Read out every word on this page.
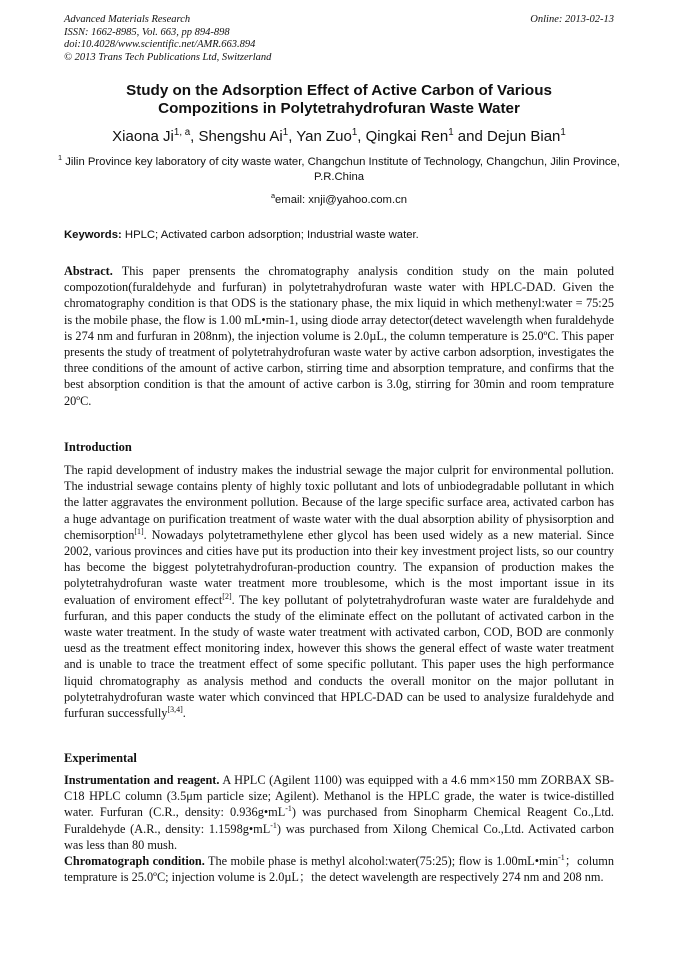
Advanced Materials Research
ISSN: 1662-8985, Vol. 663, pp 894-898
doi:10.4028/www.scientific.net/AMR.663.894
© 2013 Trans Tech Publications Ltd, Switzerland
Online: 2013-02-13
Study on the Adsorption Effect of Active Carbon of Various
Compozitions in Polytetrahydrofuran Waste Water
Xiaona Ji$^{1, a}$, Shengshu Ai$^1$, Yan Zuo$^1$, Qingkai Ren$^1$ and Dejun Bian$^1$
$^1$ Jilin Province key laboratory of city waste water, Changchun Institute of Technology, Changchun, Jilin Province, P.R.China
$^a$email: xnji@yahoo.com.cn
Keywords: HPLC; Activated carbon adsorption; Industrial waste water.
Abstract. This paper prensents the chromatography analysis condition study on the main poluted compozotion(furaldehyde and furfuran) in polytetrahydrofuran waste water with HPLC-DAD. Given the chromatography condition is that ODS is the stationary phase, the mix liquid in which methenyl:water = 75:25 is the mobile phase, the flow is 1.00 mL•min-1, using diode array detector(detect wavelength when furaldehyde is 274 nm and furfuran in 208nm), the injection volume is 2.0µL, the column temperature is 25.0ºC. This paper presents the study of treatment of polytetrahydrofuran waste water by active carbon adsorption, investigates the three conditions of the amount of active carbon, stirring time and absorption temprature, and confirms that the best absorption condition is that the amount of active carbon is 3.0g, stirring for 30min and room temprature 20ºC.
Introduction
The rapid development of industry makes the industrial sewage the major culprit for environmental pollution. The industrial sewage contains plenty of highly toxic pollutant and lots of unbiodegradable pollutant in which the latter aggravates the environment pollution. Because of the large specific surface area, activated carbon has a huge advantage on purification treatment of waste water with the dual absorption ability of physisorption and chemisorption[1]. Nowadays polytetramethylene ether glycol has been used widely as a new material. Since 2002, various provinces and cities have put its production into their key investment project lists, so our country has become the biggest polytetrahydrofuran-production country. The expansion of production makes the polytetrahydrofuran waste water treatment more troublesome, which is the most important issue in its evaluation of enviroment effect[2]. The key pollutant of polytetrahydrofuran waste water are furaldehyde and furfuran, and this paper conducts the study of the eliminate effect on the pollutant of activated carbon in the waste water treatment. In the study of waste water treatment with activated carbon, COD, BOD are conmonly uesd as the treatment effect monitoring index, however this shows the general effect of waste water treatment and is unable to trace the treatment effect of some specific pollutant. This paper uses the high performance liquid chromatography as analysis method and conducts the overall monitor on the major pollutant in polytetrahydrofuran waste water which convinced that HPLC-DAD can be used to analysize furaldehyde and furfuran successfully[3,4].
Experimental

Instrumentation and reagent. A HPLC (Agilent 1100) was equipped with a 4.6 mm×150 mm ZORBAX SB-C18 HPLC column (3.5μm particle size; Agilent). Methanol is the HPLC grade, the water is twice-distilled water. Furfuran (C.R., density: $0.936g•mL^{-1}$) was purchased from Sinopharm Chemical Reagent Co.,Ltd. Furaldehyde (A.R., density: $1.1598g•mL^{-1}$) was purchased from Xilong Chemical Co.,Ltd. Activated carbon was less than 80 mush.

Chromatograph condition. The mobile phase is methyl alcohol:water(75:25); flow is $1.00mL•\min^{-1}$；column temprature is 25.0ºC; injection volume is 2.0µL；the detect wavelength are respectively 274 nm and 208 nm.
